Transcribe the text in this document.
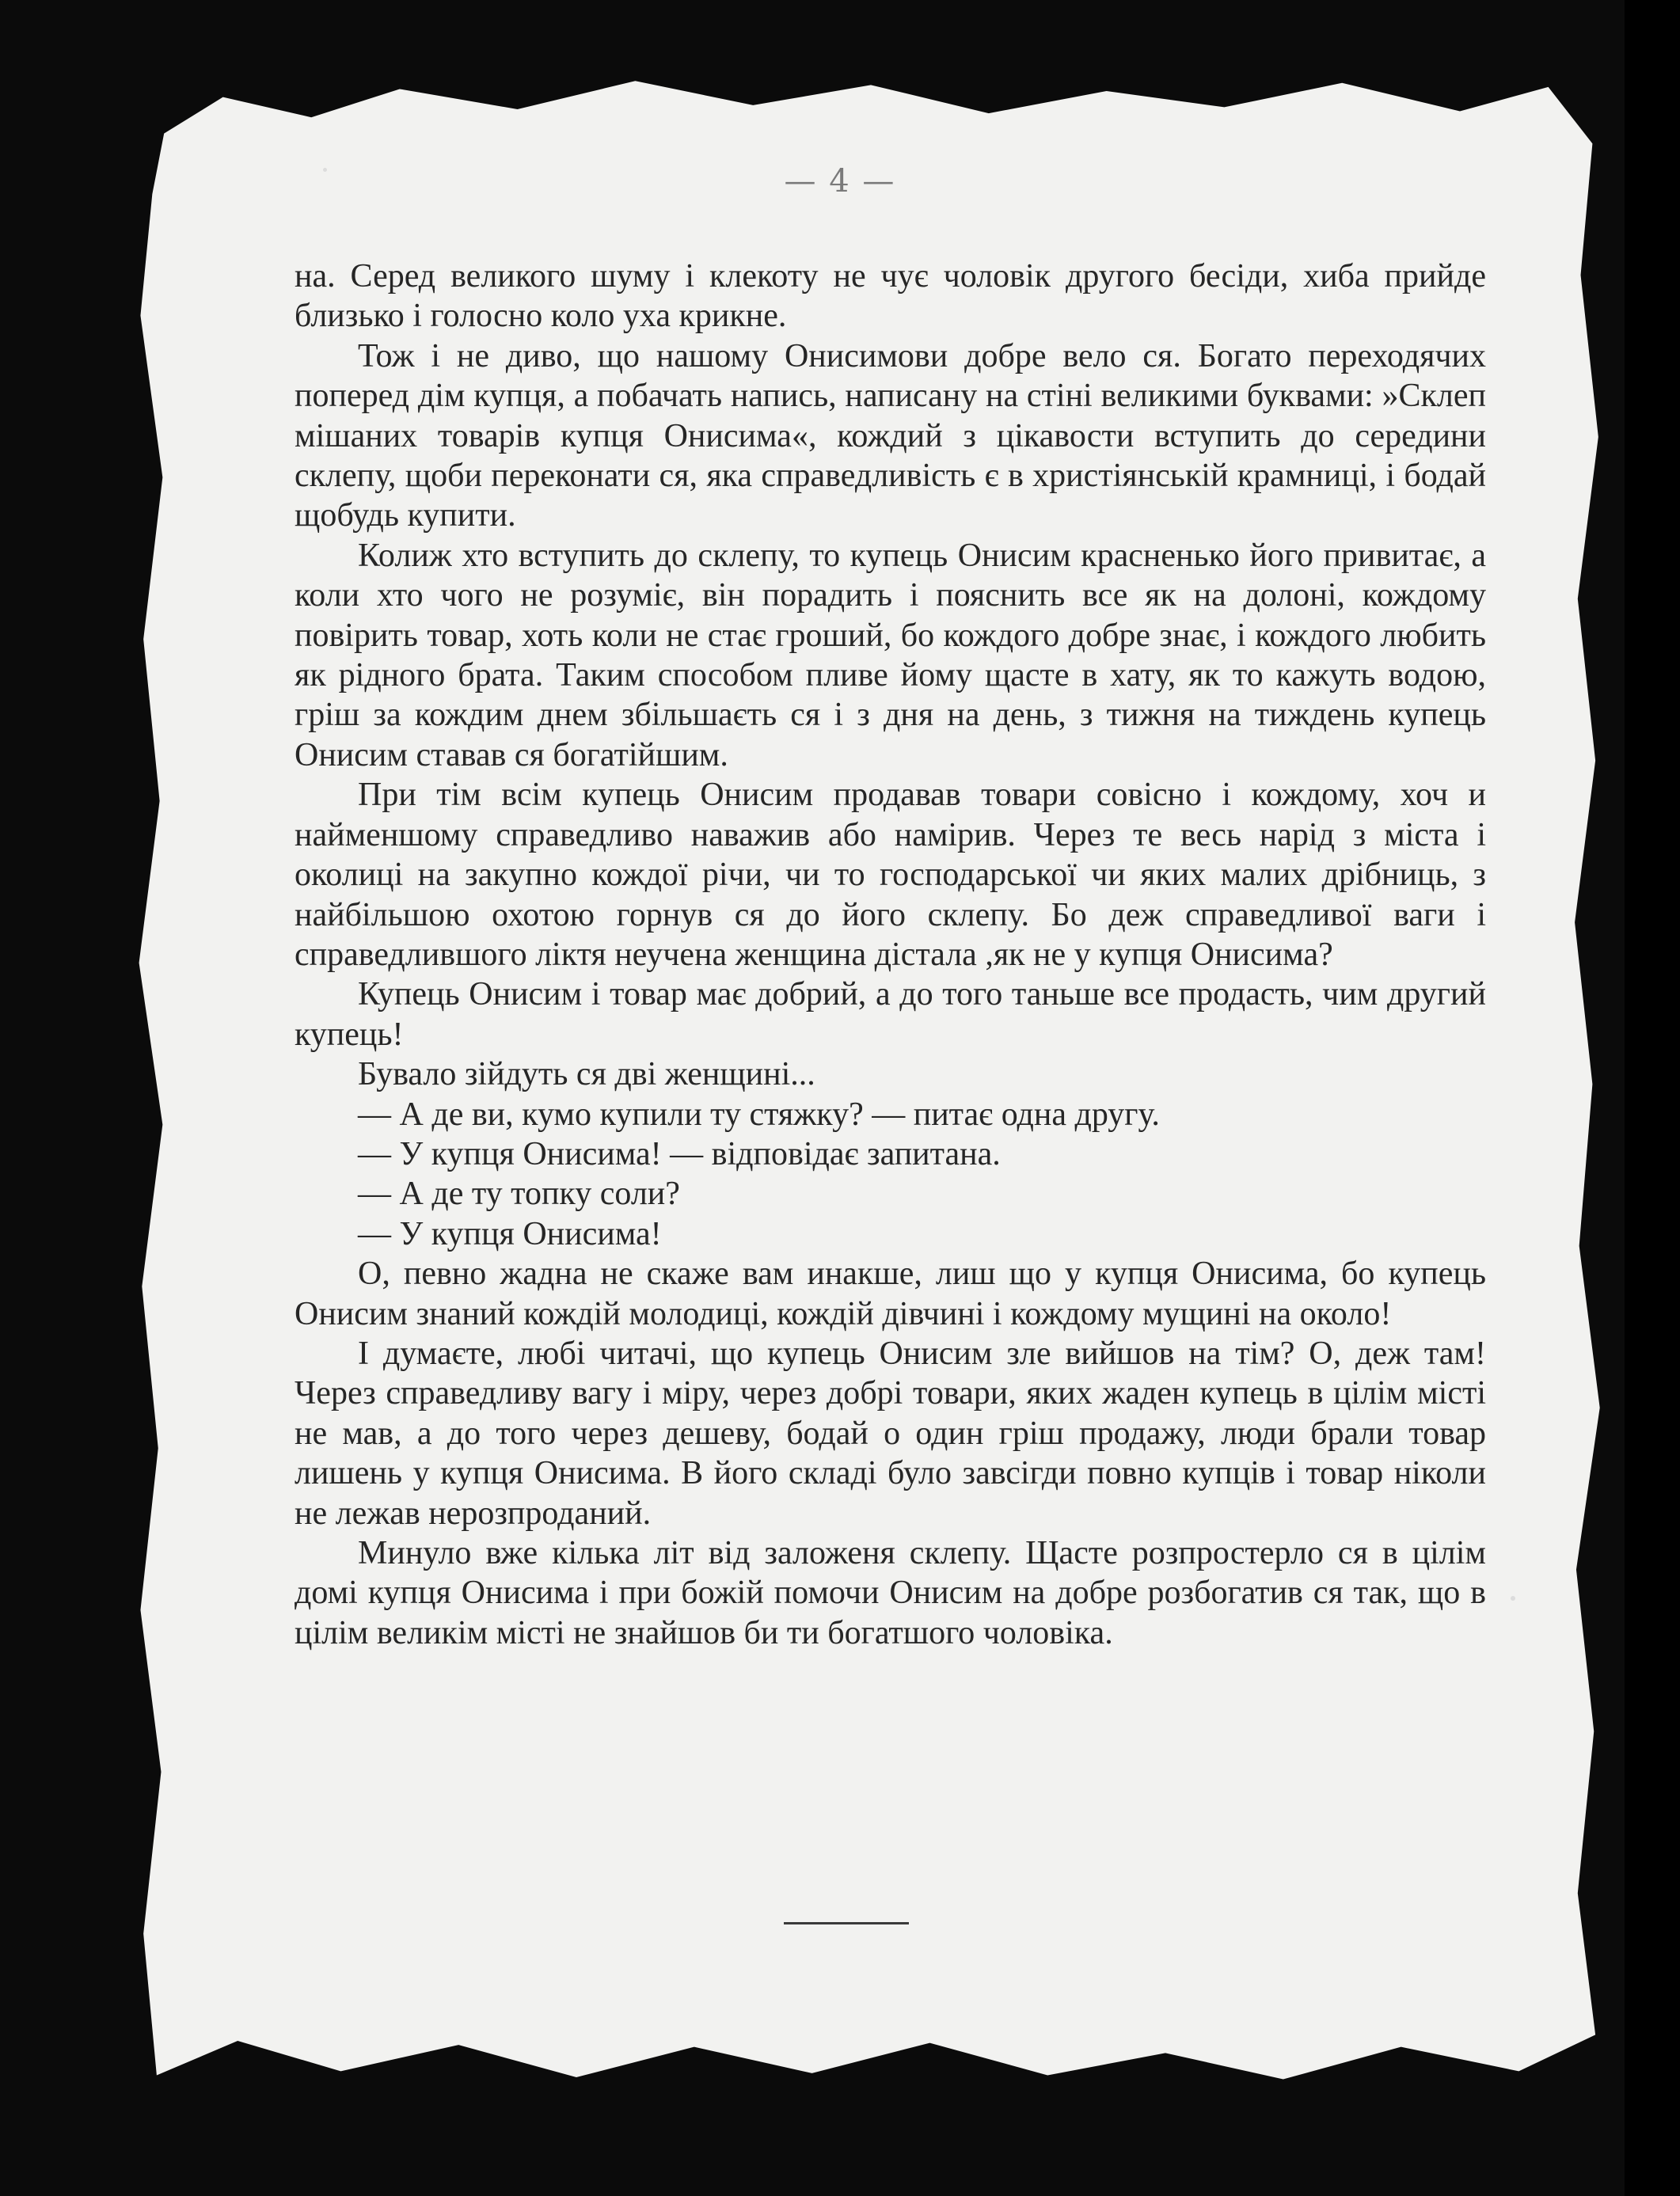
— 4 —

на. Серед великого шуму і клекоту не чує чоловік другого бесіди, хиба прийде близько і голосно коло уха крикне.

Тож і не диво, що нашому Онисимови добре вело ся. Богато переходячих поперед дім купця, а побачать напись, написану на стіні великими буквами: »Склеп мішаних товарів купця Онисима«, кождий з цікавости вступить до середини склепу, щоби переконати ся, яка справедливість є в христіянській крамниці, і бодай щобудь купити.

Колиж хто вступить до склепу, то купець Онисим красненько його привитає, а коли хто чого не розуміє, він порадить і пояснить все як на долоні, кождому повірить товар, хоть коли не стає гроший, бо кождого добре знає, і кождого любить як рідного брата. Таким способом пливе йому щасте в хату, як то кажуть водою, гріш за кождим днем збільшаєть ся і з дня на день, з тижня на тиждень купець Онисим ставав ся богатійшим.

При тім всім купець Онисим продавав товари совісно і кождому, хоч и найменшому справедливо наважив або намірив. Через те весь нарід з міста і околиці на закупно кождої річи, чи то господарської чи яких малих дрібниць, з найбільшою охотою горнув ся до його склепу. Бо деж справедливої ваги і справедлившого ліктя неучена женщина дістала ,як не у купця Онисима?

Купець Онисим і товар має добрий, а до того таньше все продасть, чим другий купець!

Бувало зійдуть ся дві женщині...

— А де ви, кумо купили ту стяжку? — питає одна другу.

— У купця Онисима! — відповідає запитана.

— А де ту топку соли?

— У купця Онисима!

О, певно жадна не скаже вам инакше, лиш що у купця Онисима, бо купець Онисим знаний кождій молодиці, кождій дівчині і кождому мущині на около!

І думаєте, любі читачі, що купець Онисим зле вийшов на тім? О, деж там! Через справедливу вагу і міру, через добрі товари, яких жаден купець в цілім місті не мав, а до того через дешеву, бодай о один гріш продажу, люди брали товар лишень у купця Онисима. В його складі було завсігди повно купців і товар ніколи не лежав нерозпроданий.

Минуло вже кілька літ від заложеня склепу. Щасте розпростерло ся в цілім домі купця Онисима і при божій помочи Онисим на добре розбогатив ся так, що в цілім великім місті не знайшов би ти богатшого чоловіка.
